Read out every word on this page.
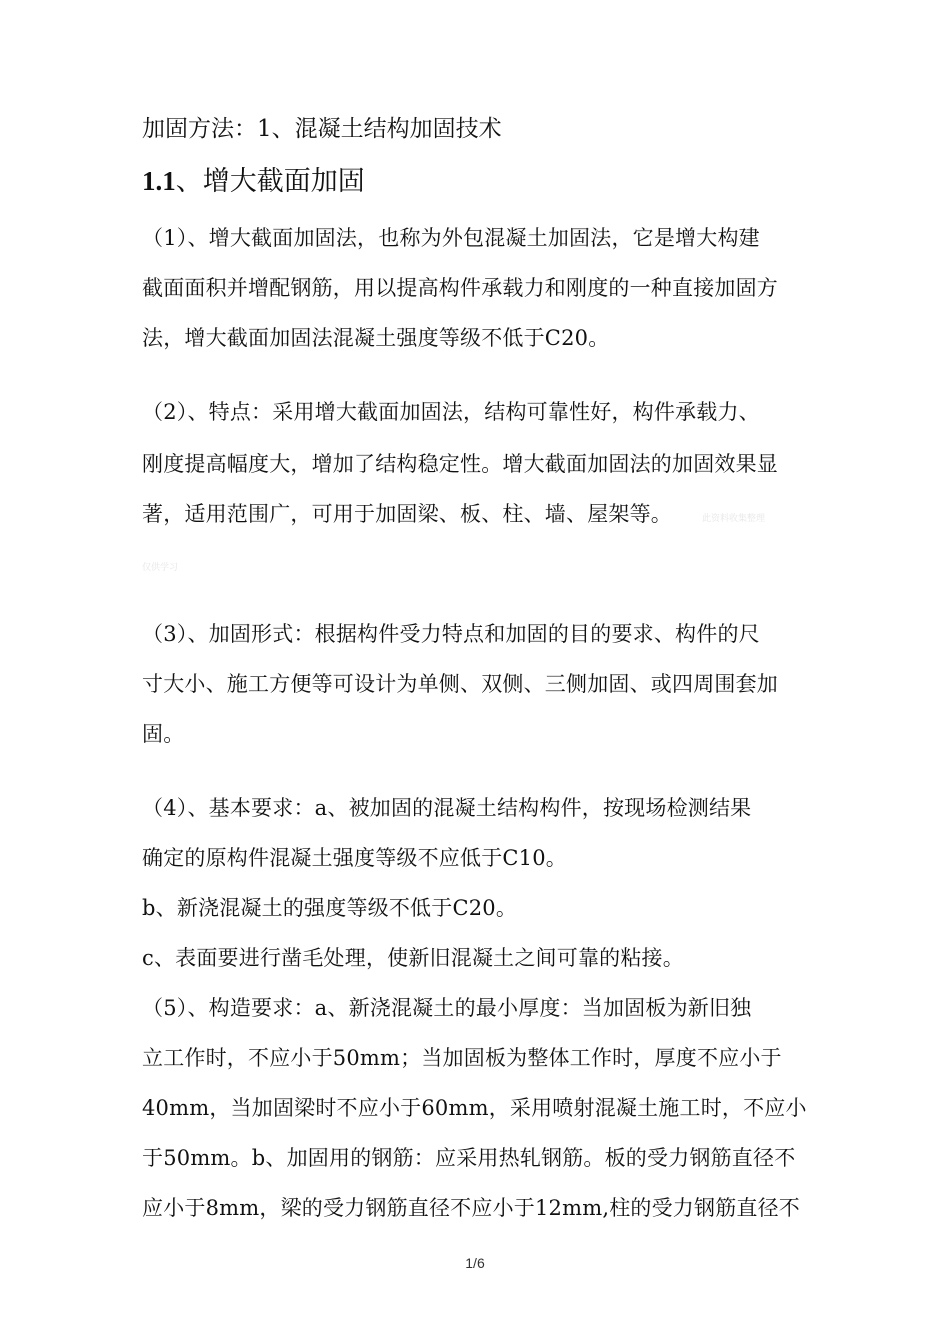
加固方法：1、混凝土结构加固技术
1.1、增大截面加固
（1）、增大截面加固法，也称为外包混凝土加固法，它是增大构建
截面面积并增配钢筋，用以提高构件承载力和刚度的一种直接加固方
法，增大截面加固法混凝土强度等级不低于C20。
（2）、特点：采用增大截面加固法，结构可靠性好，构件承载力、
刚度提高幅度大，增加了结构稳定性。增大截面加固法的加固效果显
著，适用范围广，可用于加固梁、板、柱、墙、屋架等。	此资料收集整理
仅供学习
（3）、加固形式：根据构件受力特点和加固的目的要求、构件的尺
寸大小、施工方便等可设计为单侧、双侧、三侧加固、或四周围套加
固。
（4）、基本要求：a、被加固的混凝土结构构件，按现场检测结果
确定的原构件混凝土强度等级不应低于C10。
b、新浇混凝土的强度等级不低于C20。
c、表面要进行凿毛处理，使新旧混凝土之间可靠的粘接。
（5）、构造要求：a、新浇混凝土的最小厚度：当加固板为新旧独
立工作时，不应小于50mm；当加固板为整体工作时，厚度不应小于
40mm，当加固梁时不应小于60mm，采用喷射混凝土施工时，不应小
于50mm。b、加固用的钢筋：应采用热轧钢筋。板的受力钢筋直径不
应小于8mm，梁的受力钢筋直径不应小于12mm,柱的受力钢筋直径不
1/6
